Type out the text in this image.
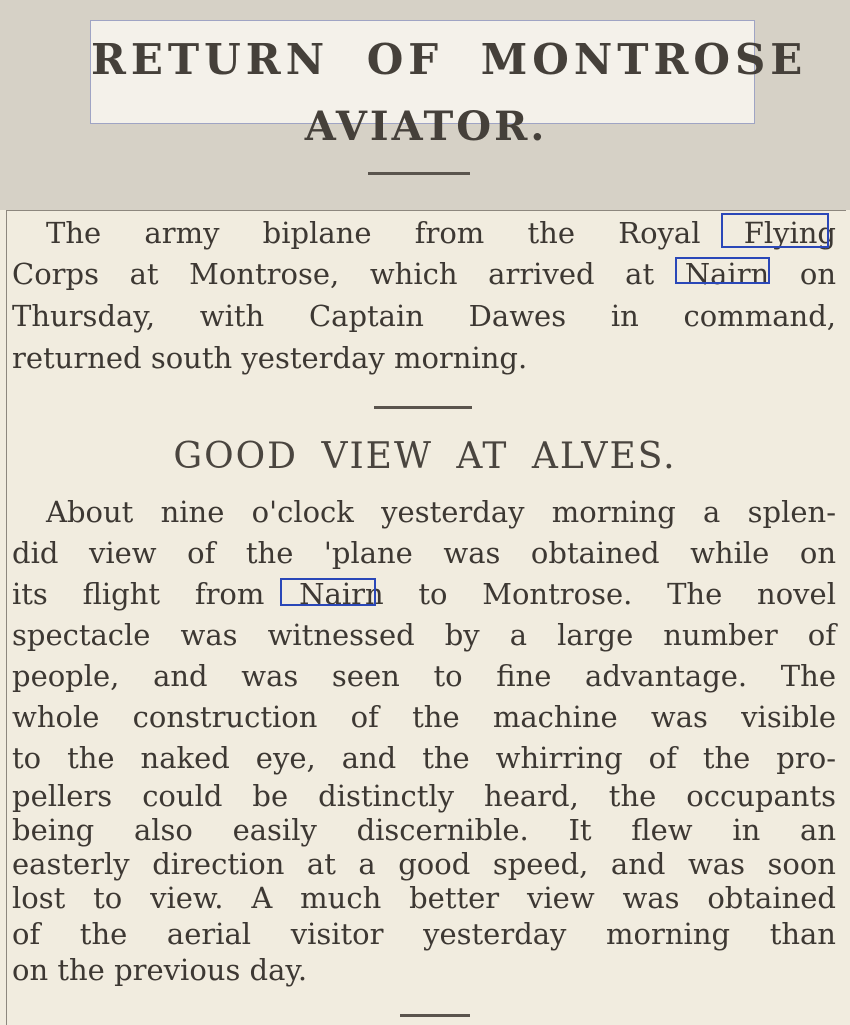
RETURN OF MONTROSE
AVIATOR.
The army biplane from the Royal Flying
Corps at Montrose, which arrived at Nairn on
Thursday, with Captain Dawes in command,
returned south yesterday morning.
GOOD VIEW AT ALVES.
About nine o'clock yesterday morning a splen-
did view of the 'plane was obtained while on
its flight from Nairn to Montrose. The novel
spectacle was witnessed by a large number of
people, and was seen to fine advantage. The
whole construction of the machine was visible
to the naked eye, and the whirring of the pro-
pellers could be distinctly heard, the occupants
being also easily discernible. It flew in an
easterly direction at a good speed, and was soon
lost to view. A much better view was obtained
of the aerial visitor yesterday morning than
on the previous day.
